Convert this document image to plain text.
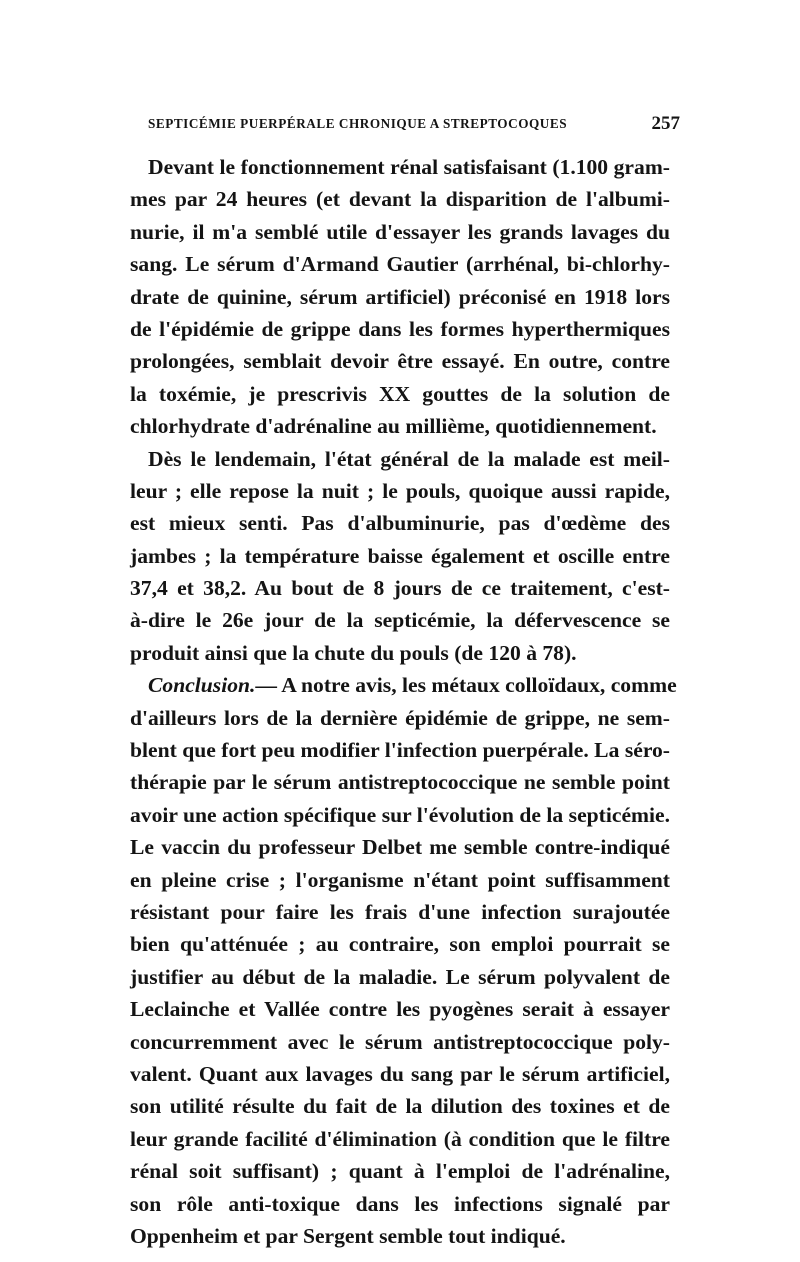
SEPTICÉMIE PUERPÉRALE CHRONIQUE A STREPTOCOQUES	257
Devant le fonctionnement rénal satisfaisant (1.100 gram-
mes par 24 heures (et devant la disparition de l'albumi-
nurie, il m'a semblé utile d'essayer les grands lavages du
sang. Le sérum d'Armand Gautier (arrhénal, bi-chlorhy-
drate de quinine, sérum artificiel) préconisé en 1918 lors
de l'épidémie de grippe dans les formes hyperthermiques
prolongées, semblait devoir être essayé. En outre, contre
la toxémie, je prescrivis XX gouttes de la solution de
chlorhydrate d'adrénaline au millième, quotidiennement.
Dès le lendemain, l'état général de la malade est meil-
leur ; elle repose la nuit ; le pouls, quoique aussi rapide,
est mieux senti. Pas d'albuminurie, pas d'œdème des
jambes ; la température baisse également et oscille entre
37,4 et 38,2. Au bout de 8 jours de ce traitement, c'est-
à-dire le 26e jour de la septicémie, la défervescence se
produit ainsi que la chute du pouls (de 120 à 78).
Conclusion.— A notre avis, les métaux colloïdaux, comme
d'ailleurs lors de la dernière épidémie de grippe, ne sem-
blent que fort peu modifier l'infection puerpérale. La séro-
thérapie par le sérum antistreptococcique ne semble point
avoir une action spécifique sur l'évolution de la septicémie.
Le vaccin du professeur Delbet me semble contre-indiqué
en pleine crise ; l'organisme n'étant point suffisamment
résistant pour faire les frais d'une infection surajoutée
bien qu'atténuée ; au contraire, son emploi pourrait se
justifier au début de la maladie. Le sérum polyvalent de
Leclainche et Vallée contre les pyogènes serait à essayer
concurremment avec le sérum antistreptococcique poly-
valent. Quant aux lavages du sang par le sérum artificiel,
son utilité résulte du fait de la dilution des toxines et de
leur grande facilité d'élimination (à condition que le filtre
rénal soit suffisant) ; quant à l'emploi de l'adrénaline,
son rôle anti-toxique dans les infections signalé par
Oppenheim et par Sergent semble tout indiqué.
